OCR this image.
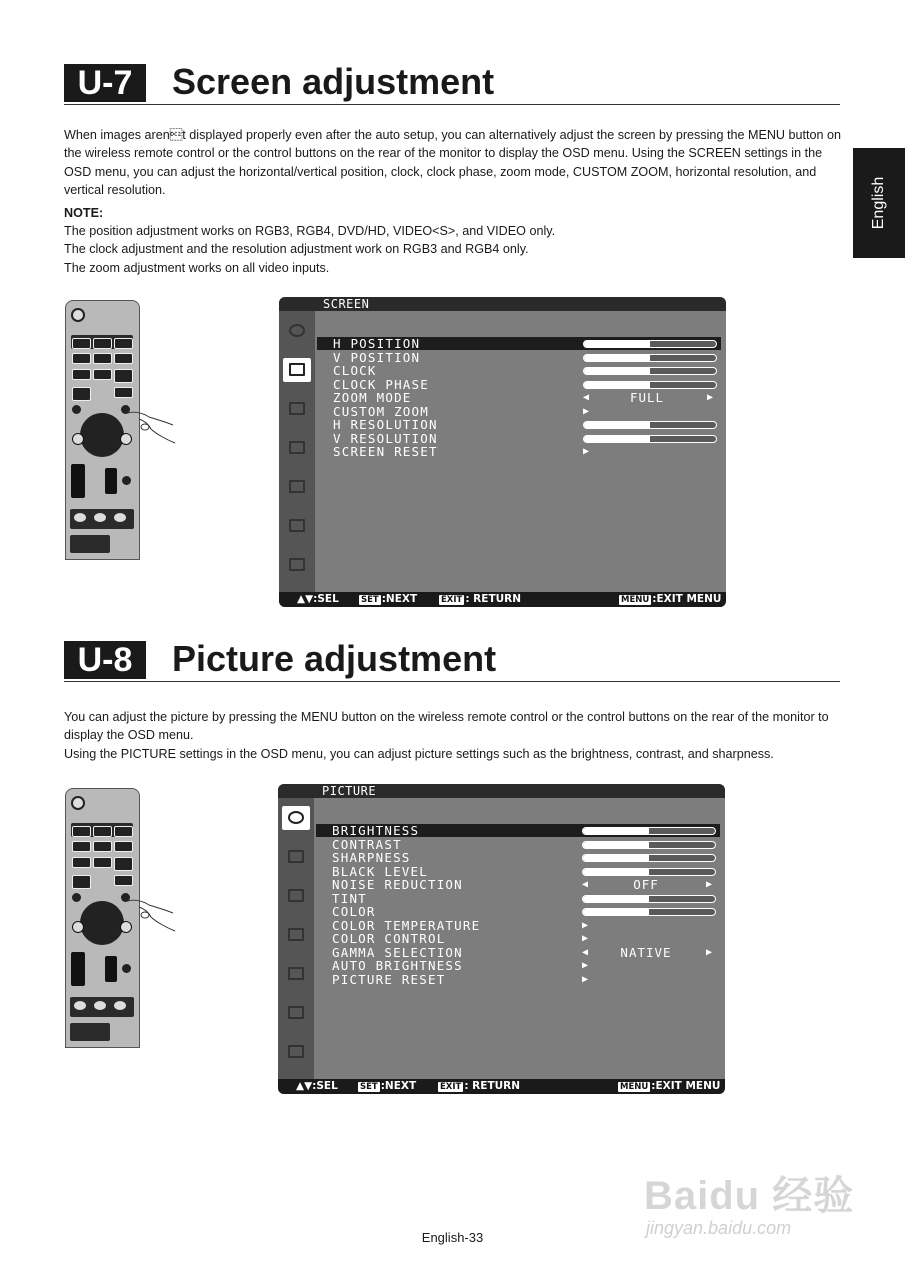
English
U-7	Screen adjustment

When images arent displayed properly even after the auto setup, you can alternatively adjust the screen by pressing the MENU button on the wireless remote control or the control buttons on the rear of the monitor to display the OSD menu. Using the SCREEN settings in the OSD menu, you can adjust the horizontal/vertical position, clock, clock phase, zoom mode, CUSTOM ZOOM, horizontal resolution, and vertical resolution.

NOTE:

The position adjustment works on RGB3, RGB4, DVD/HD, VIDEO<S>, and VIDEO only.

The clock adjustment and the resolution adjustment work on RGB3 and RGB4 only.

The zoom adjustment works on all video inputs.

SCREEN
H POSITION
V POSITION
CLOCK
CLOCK PHASE
ZOOM MODE	◀	FULL	▶
CUSTOM ZOOM	▶
H RESOLUTION
V RESOLUTION
SCREEN RESET	▶
▲▼:SEL	SET :NEXT	EXIT : RETURN	MENU :EXIT MENU
U-8	Picture adjustment

You can adjust the picture by pressing the MENU button on the wireless remote control or the control buttons on the rear of the monitor to display the OSD menu.

Using the PICTURE settings in the OSD menu, you can adjust picture settings such as the brightness, contrast, and sharpness.

PICTURE
BRIGHTNESS
CONTRAST
SHARPNESS
BLACK LEVEL
NOISE REDUCTION	◀	OFF	▶
TINT
COLOR
COLOR TEMPERATURE	▶
COLOR CONTROL	▶
GAMMA SELECTION	◀	NATIVE	▶
AUTO BRIGHTNESS	▶
PICTURE RESET	▶
▲▼:SEL	SET :NEXT	EXIT : RETURN	MENU :EXIT MENU
Baidu 经验
jingyan.baidu.com
English-33
